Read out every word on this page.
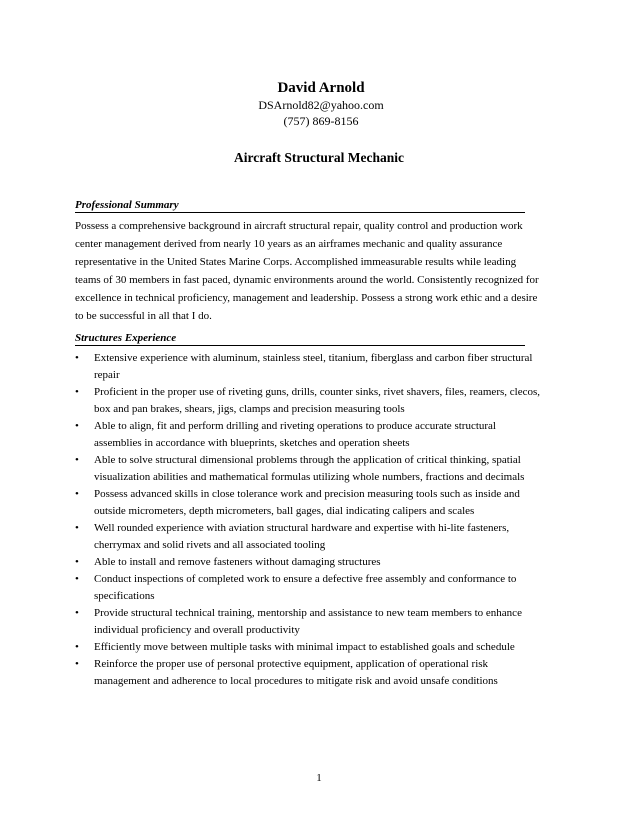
David Arnold
DSArnold82@yahoo.com
(757) 869-8156
Aircraft Structural Mechanic
Professional Summary
Possess a comprehensive background in aircraft structural repair, quality control and production work
center management derived from nearly 10 years as an airframes mechanic and quality assurance
representative in the United States Marine Corps. Accomplished immeasurable results while leading
teams of 30 members in fast paced, dynamic environments around the world. Consistently recognized for
excellence in technical proficiency, management and leadership. Possess a strong work ethic and a desire
to be successful in all that I do.
Structures Experience
• Extensive experience with aluminum, stainless steel, titanium, fiberglass and carbon fiber structural
repair
• Proficient in the proper use of riveting guns, drills, counter sinks, rivet shavers, files, reamers, clecos,
box and pan brakes, shears, jigs, clamps and precision measuring tools
• Able to align, fit and perform drilling and riveting operations to produce accurate structural
assemblies in accordance with blueprints, sketches and operation sheets
• Able to solve structural dimensional problems through the application of critical thinking, spatial
visualization abilities and mathematical formulas utilizing whole numbers, fractions and decimals
• Possess advanced skills in close tolerance work and precision measuring tools such as inside and
outside micrometers, depth micrometers, ball gages, dial indicating calipers and scales
• Well rounded experience with aviation structural hardware and expertise with hi-lite fasteners,
cherrymax and solid rivets and all associated tooling
• Able to install and remove fasteners without damaging structures
• Conduct inspections of completed work to ensure a defective free assembly and conformance to
specifications
• Provide structural technical training, mentorship and assistance to new team members to enhance
individual proficiency and overall productivity
• Efficiently move between multiple tasks with minimal impact to established goals and schedule
• Reinforce the proper use of personal protective equipment, application of operational risk
management and adherence to local procedures to mitigate risk and avoid unsafe conditions
1
